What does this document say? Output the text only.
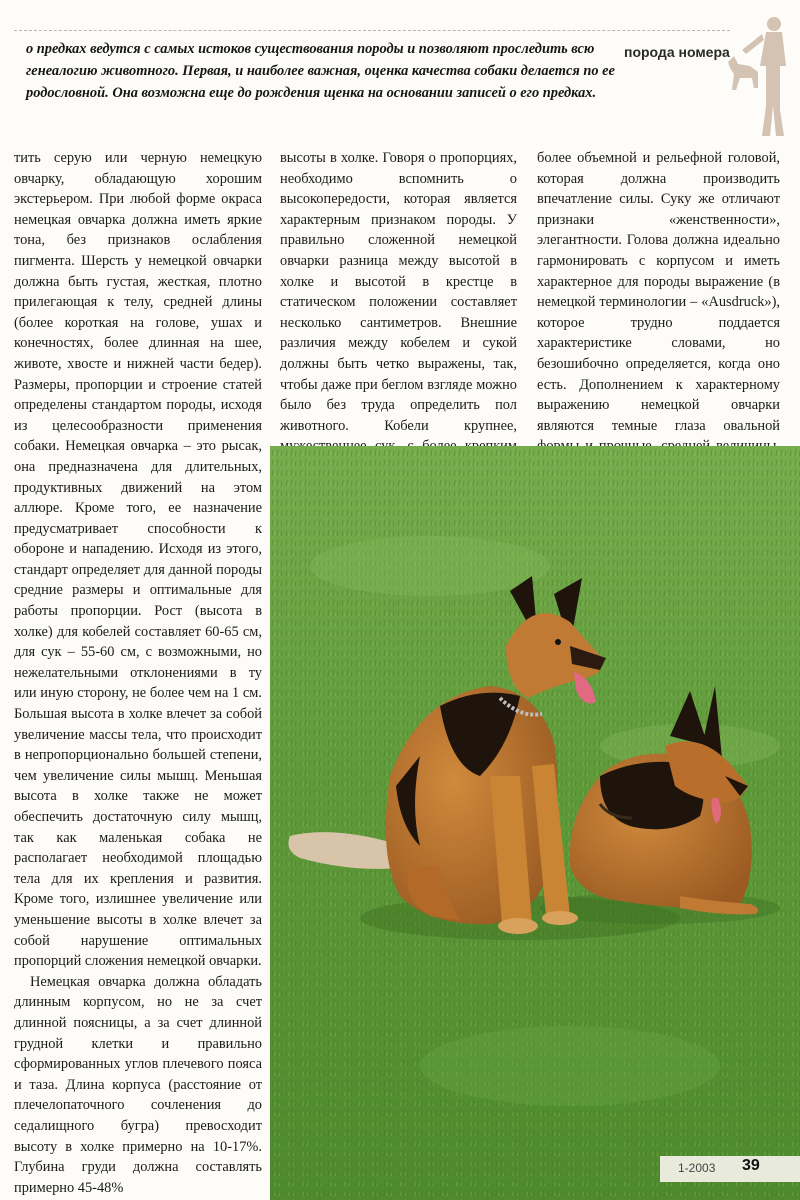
о предках ведутся с самых истоков существования породы и позволяют проследить всю генеалогию животного. Первая, и наиболее важная, оценка качества собаки делается по ее родословной. Она возможна еще до рождения щенка на основании записей о его предках.

порода номера

тить серую или черную немецкую овчарку, обладающую хорошим экстерьером. При любой форме окраса немецкая овчарка должна иметь яркие тона, без признаков ослабления пигмента. Шерсть у немецкой овчарки должна быть густая, жесткая, плотно прилегающая к телу, средней длины (более короткая на голове, ушах и конечностях, более длинная на шее, животе, хвосте и нижней части бедер). Размеры, пропорции и строение статей определены стандартом породы, исходя из целесообразности применения собаки. Немецкая овчарка – это рысак, она предназначена для длительных, продуктивных движений на этом аллюре. Кроме того, ее назначение предусматривает способности к обороне и нападению. Исходя из этого, стандарт определяет для данной породы средние размеры и оптимальные для работы пропорции. Рост (высота в холке) для кобелей составляет 60-65 см, для сук – 55-60 см, с возможными, но нежелательными отклонениями в ту или иную сторону, не более чем на 1 см. Большая высота в холке влечет за собой увеличение массы тела, что происходит в непропорционально большей степени, чем увеличение силы мышц. Меньшая высота в холке также не может обеспечить достаточную силу мышц, так как маленькая собака не располагает необходимой площадью тела для их крепления и развития. Кроме того, излишнее увеличение или уменьшение высоты в холке влечет за собой нарушение оптимальных пропорций сложения немецкой овчарки.

Немецкая овчарка должна обладать длинным корпусом, но не за счет длинной поясницы, а за счет длинной грудной клетки и правильно сформированных углов плечевого пояса и таза. Длина корпуса (расстояние от плечелопаточного сочленения до седалищного бугра) превосходит высоту в холке примерно на 10-17%. Глубина груди должна составлять примерно 45-48%

высоты в холке. Говоря о пропорциях, необходимо вспомнить о высокопередости, которая является характерным признаком породы. У правильно сложенной немецкой овчарки разница между высотой в холке и высотой в крестце в статическом положении составляет несколько сантиметров. Внешние различия между кобелем и сукой должны быть четко выражены, так, чтобы даже при беглом взгляде можно было без труда определить пол животного. Кобели крупнее,

более объемной и рельефной головой, которая должна производить впечатление силы. Суку же отличают признаки «женственности», элегантности. Голова должна идеально гармонировать с корпусом и иметь характерное для породы выражение (в немецкой терминологии – «Ausdruck»), которое трудно поддается характеристике словами, но безошибочно определяется, когда оно есть. Дополнением к характерному выражению немецкой овчарки являются темные глаза овальной

1-2003 39
